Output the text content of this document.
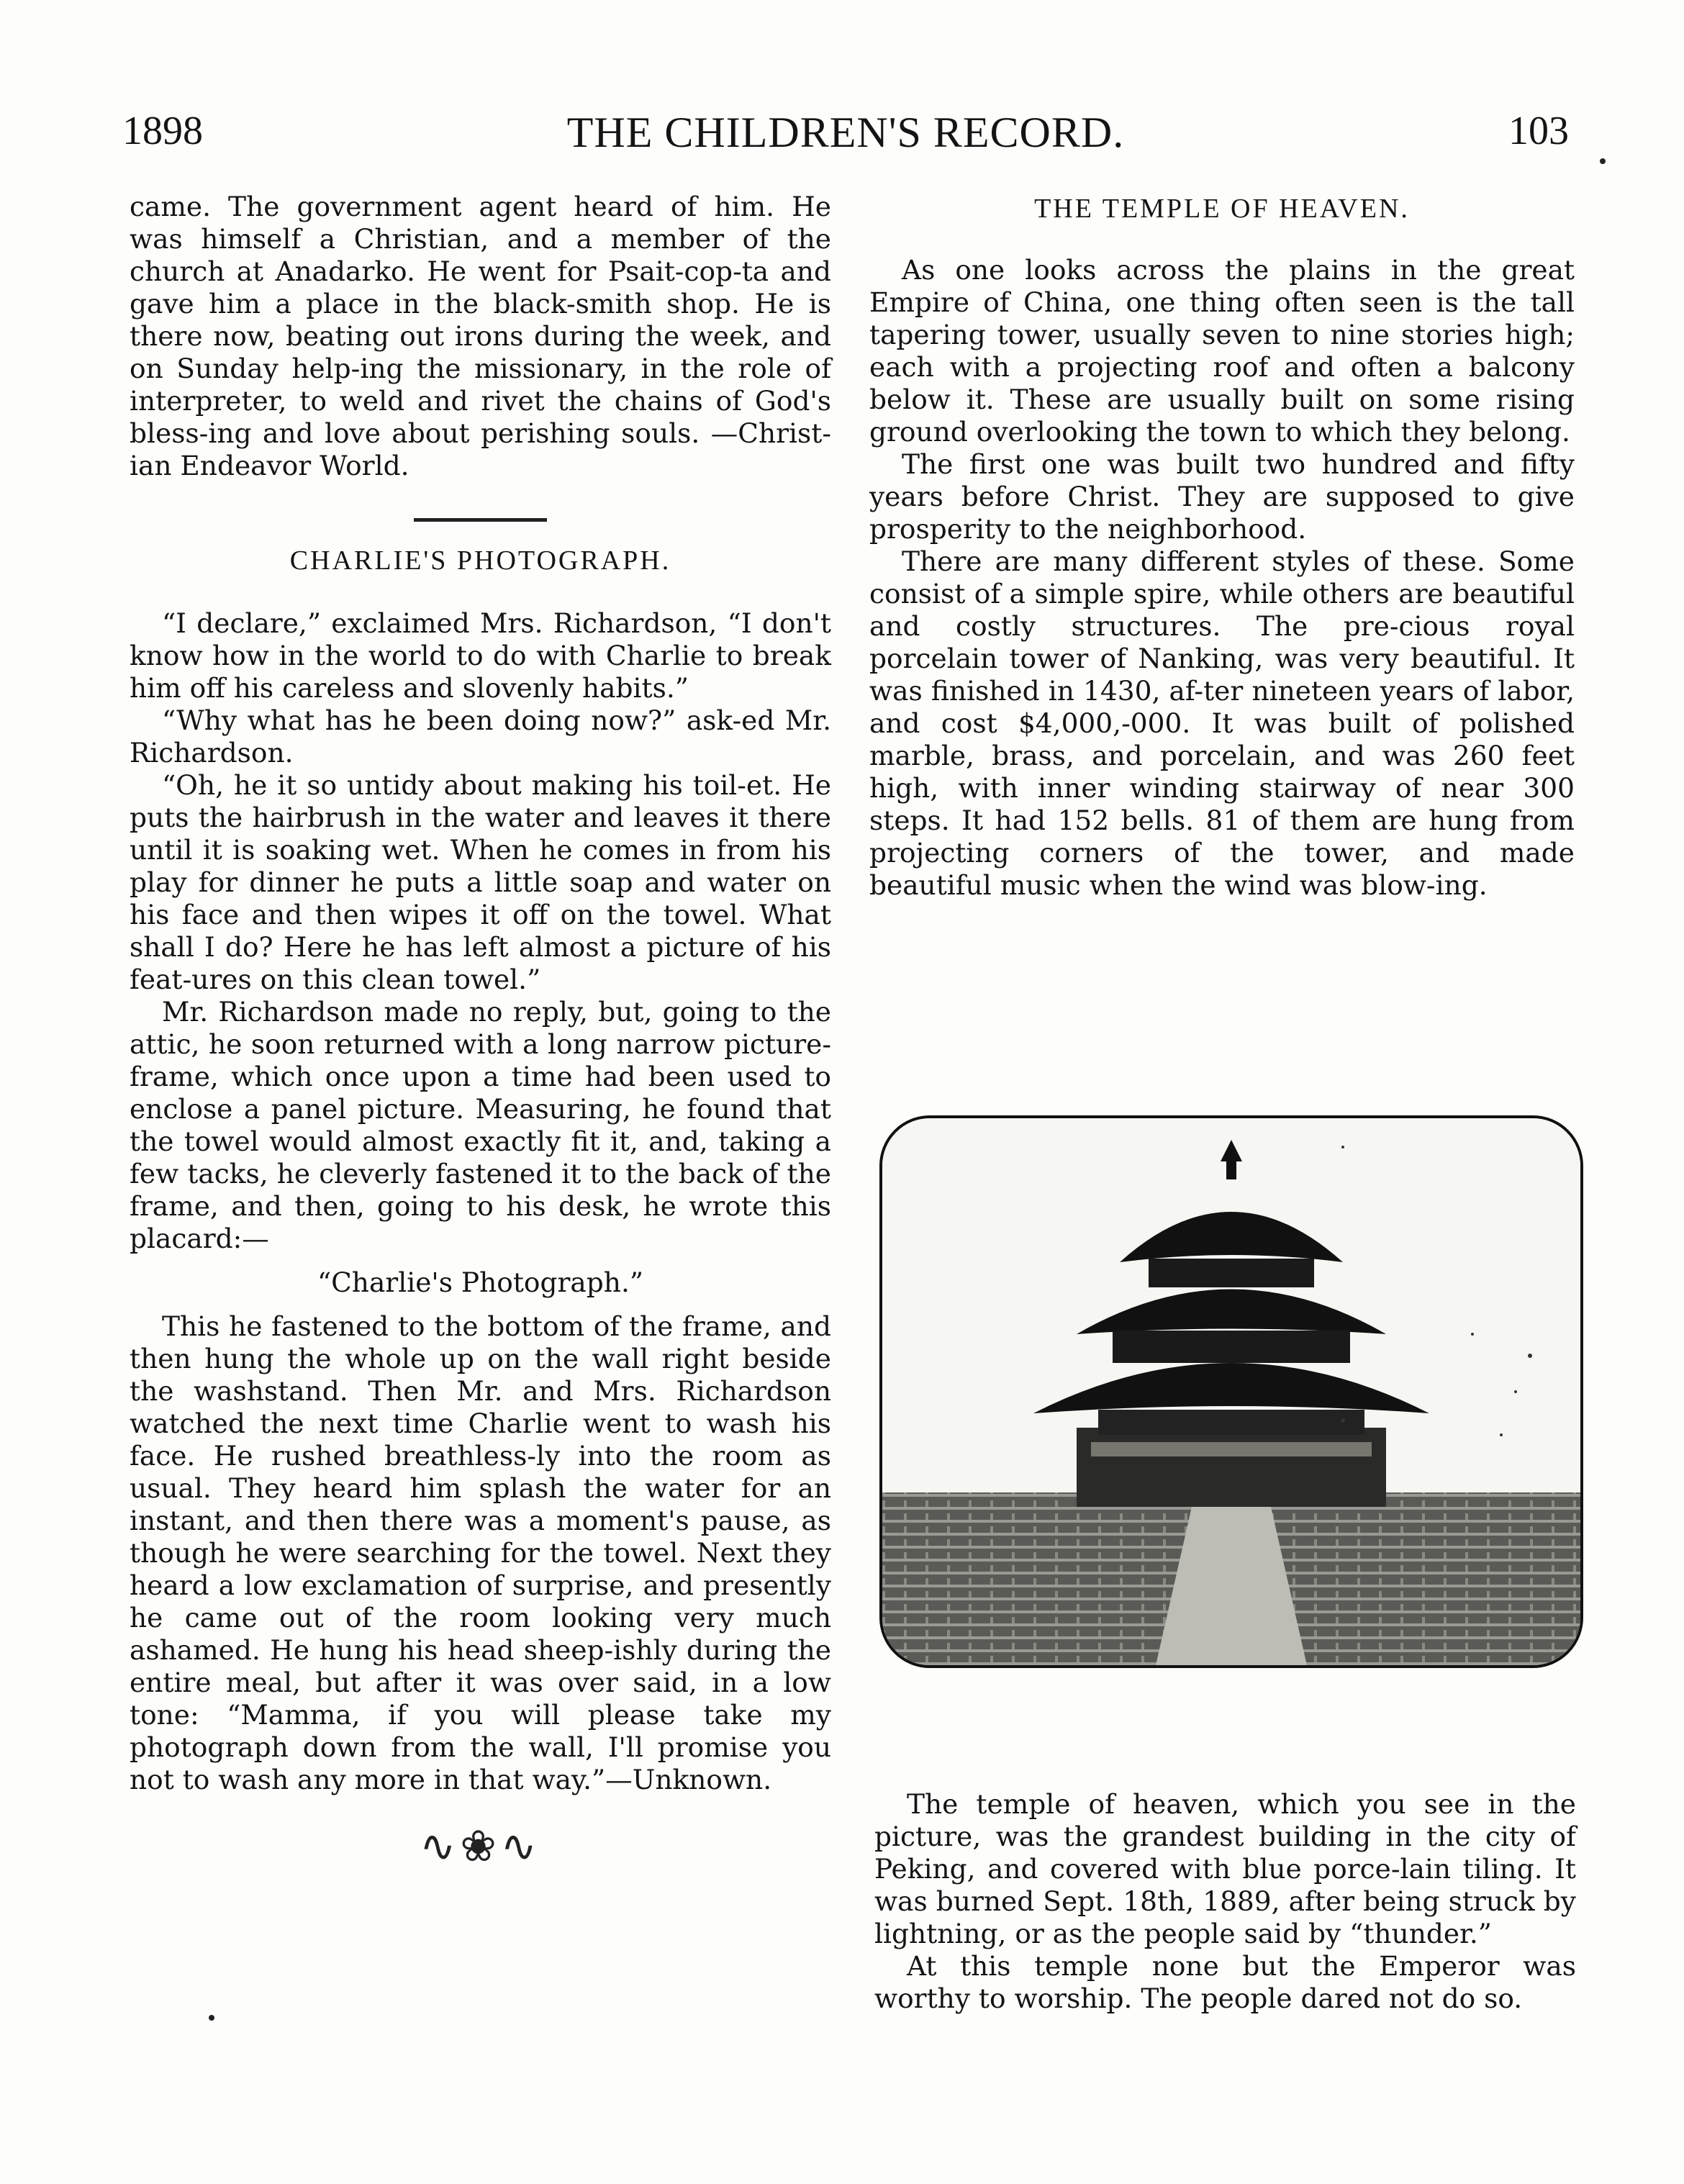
1898	THE CHILDREN'S RECORD.	103

came. The government agent heard of him. He was himself a Christian, and a member of the church at Anadarko. He went for Psait-cop-ta and gave him a place in the black-smith shop. He is there now, beating out irons during the week, and on Sunday help-ing the missionary, in the role of interpreter, to weld and rivet the chains of God's bless-ing and love about perishing souls. —Christ-ian Endeavor World.

CHARLIE'S PHOTOGRAPH.

“I declare,” exclaimed Mrs. Richardson, “I don't know how in the world to do with Charlie to break him off his careless and slovenly habits.”

“Why what has he been doing now?” ask-ed Mr. Richardson.

“Oh, he it so untidy about making his toil-et. He puts the hairbrush in the water and leaves it there until it is soaking wet. When he comes in from his play for dinner he puts a little soap and water on his face and then wipes it off on the towel. What shall I do? Here he has left almost a picture of his feat-ures on this clean towel.”

Mr. Richardson made no reply, but, going to the attic, he soon returned with a long narrow picture-frame, which once upon a time had been used to enclose a panel picture. Measuring, he found that the towel would almost exactly fit it, and, taking a few tacks, he cleverly fastened it to the back of the frame, and then, going to his desk, he wrote this placard:—

“Charlie's Photograph.”

This he fastened to the bottom of the frame, and then hung the whole up on the wall right beside the washstand. Then Mr. and Mrs. Richardson watched the next time Charlie went to wash his face. He rushed breathless-ly into the room as usual. They heard him splash the water for an instant, and then there was a moment's pause, as though he were searching for the towel. Next they heard a low exclamation of surprise, and presently he came out of the room looking very much ashamed. He hung his head sheep-ishly during the entire meal, but after it was over said, in a low tone: “Mamma, if you will please take my photograph down from the wall, I'll promise you not to wash any more in that way.”—Unknown.

∿❀∿

THE TEMPLE OF HEAVEN.

As one looks across the plains in the great Empire of China, one thing often seen is the tall tapering tower, usually seven to nine stories high; each with a projecting roof and often a balcony below it. These are usually built on some rising ground overlooking the town to which they belong.

The first one was built two hundred and fifty years before Christ. They are supposed to give prosperity to the neighborhood.

There are many different styles of these. Some consist of a simple spire, while others are beautiful and costly structures. The pre-cious royal porcelain tower of Nanking, was very beautiful. It was finished in 1430, af-ter nineteen years of labor, and cost $4,000,-000. It was built of polished marble, brass, and porcelain, and was 260 feet high, with inner winding stairway of near 300 steps. It had 152 bells. 81 of them are hung from projecting corners of the tower, and made beautiful music when the wind was blow-ing.

The temple of heaven, which you see in the picture, was the grandest building in the city of Peking, and covered with blue porce-lain tiling. It was burned Sept. 18th, 1889, after being struck by lightning, or as the people said by “thunder.”

At this temple none but the Emperor was worthy to worship. The people dared not do so.
